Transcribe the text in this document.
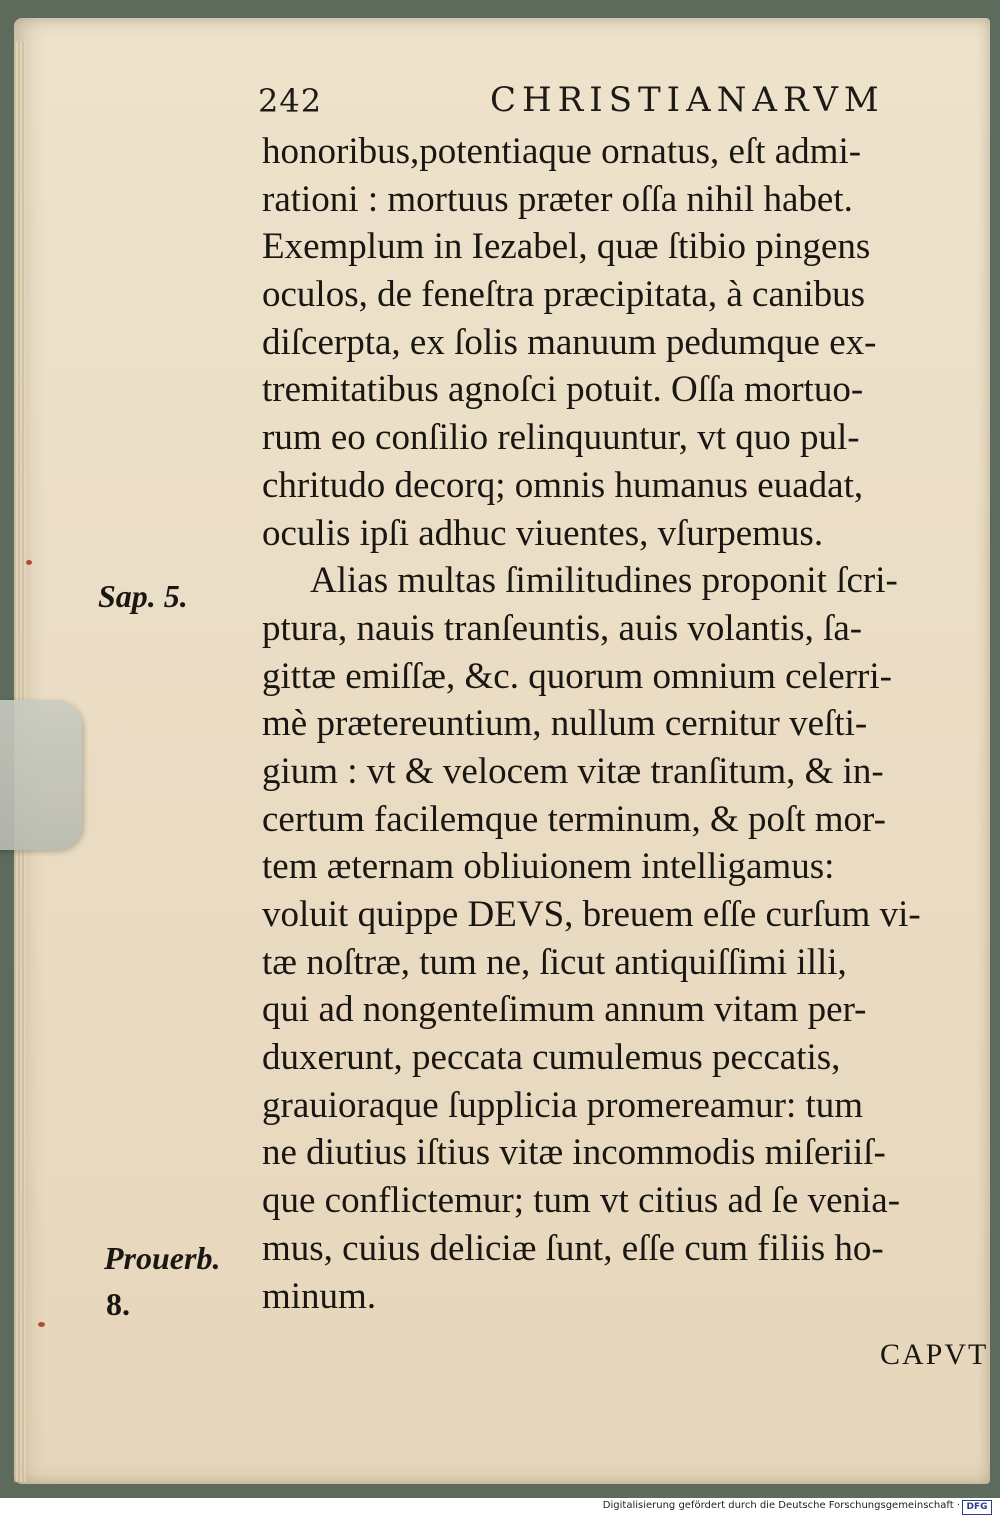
242	CHRISTIANARVM
honoribus,potentiaque ornatus, eſt admi-
rationi : mortuus præter oſſa nihil habet.
Exemplum in Iezabel, quæ ſtibio pingens
oculos, de feneſtra præcipitata, à canibus
diſcerpta, ex ſolis manuum pedumque ex-
tremitatibus agnoſci potuit. Oſſa mortuo-
rum eo conſilio relinquuntur, vt quo pul-
chritudo decorq; omnis humanus euadat,
oculis ipſi adhuc viuentes, vſurpemus.
Alias multas ſimilitudines proponit ſcri-
ptura, nauis tranſeuntis, auis volantis, ſa-
gittæ emiſſæ, &c. quorum omnium celerri-
mè prætereuntium, nullum cernitur veſti-
gium : vt & velocem vitæ tranſitum, & in-
certum facilemque terminum, & poſt mor-
tem æternam obliuionem intelligamus:
voluit quippe DEVS, breuem eſſe curſum vi-
tæ noſtræ, tum ne, ſicut antiquiſſimi illi,
qui ad nongenteſimum annum vitam per-
duxerunt, peccata cumulemus peccatis,
grauioraque ſupplicia promereamur: tum
ne diutius iſtius vitæ incommodis miſeriiſ-
que conflictemur; tum vt citius ad ſe venia-
mus, cuius deliciæ ſunt, eſſe cum filiis ho-
minum.
Sap. 5.
Prouerb.
8.
CAPVT
Digitalisierung gefördert durch die Deutsche Forschungsgemeinschaft · DFG
